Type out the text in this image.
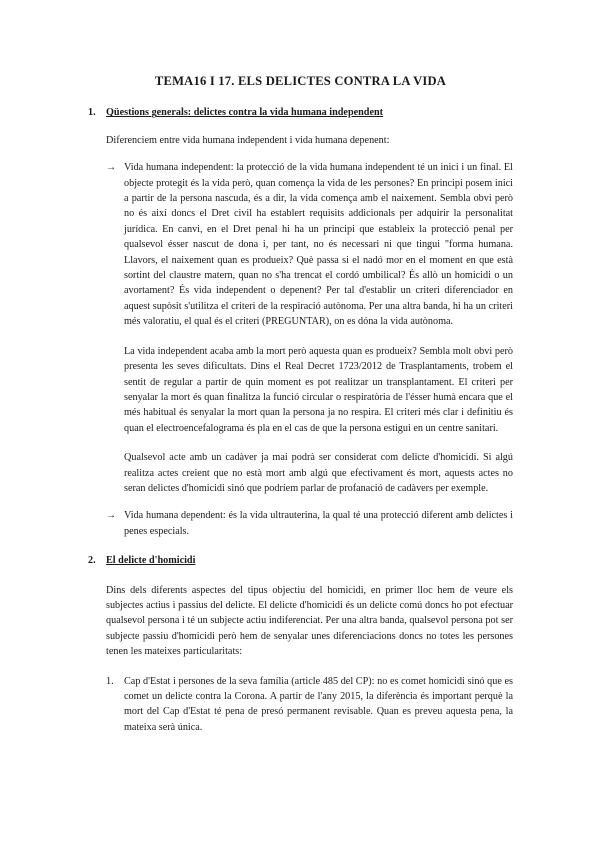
TEMA16 I 17. ELS DELICTES CONTRA LA VIDA
1.	Qüestions generals: delictes contra la vida humana independent

Diferenciem entre vida humana independent i vida humana depenent:

→ Vida humana independent: la protecció de la vida humana independent té un inici i un final. El objecte protegit és la vida però, quan comença la vida de les persones? En principi posem inici a partir de la persona nascuda, és a dir, la vida comença amb el naixement. Sembla obvi però no és així doncs el Dret civil ha establert requisits addicionals per adquirir la personalitat jurídica. En canvi, en el Dret penal hi ha un principi que estableix la protecció penal per qualsevol ésser nascut de dona i, per tant, no és necessari ni que tingui "forma humana. Llavors, el naixement quan es produeix? Què passa si el nadó mor en el moment en que està sortint del claustre matern, quan no s'ha trencat el cordó umbilical? És allò un homicidi o un avortament? És vida independent o depenent? Per tal d'establir un criteri diferenciador en aquest supòsit s'utilitza el criteri de la respiració autònoma. Per una altra banda, hi ha un criteri més valoratiu, el qual és el criteri (PREGUNTAR), on es dóna la vida autònoma.

La vida independent acaba amb la mort però aquesta quan es produeix? Sembla molt obvi però presenta les seves dificultats. Dins el Real Decret 1723/2012 de Trasplantaments, trobem el sentit de regular a partir de quin moment es pot realitzar un transplantament. El criteri per senyalar la mort és quan finalitza la funció circular o respiratòria de l'ésser humà encara que el més habitual és senyalar la mort quan la persona ja no respira. El criteri més clar i definitiu és quan el electroencefalograma és pla en el cas de que la persona estigui en un centre sanitari.

Qualsevol acte amb un cadàver ja mai podrà ser considerat com delicte d'homicidi. Si algú realitza actes creient que no està mort amb algú que efectivament és mort, aquests actes no seran delictes d'homicidi sinó que podríem parlar de profanació de cadàvers per exemple.

→ Vida humana dependent: és la vida ultrauterina, la qual té una protecció diferent amb delictes i penes especials.

2.	El delicte d'homicidi

Dins dels diferents aspectes del tipus objectiu del homicidi, en primer lloc hem de veure els subjectes actius i passius del delicte. El delicte d'homicidi és un delicte comú doncs ho pot efectuar qualsevol persona i té un subjecte actiu indiferenciat. Per una altra banda, qualsevol persona pot ser subjecte passiu d'homicidi però hem de senyalar unes diferenciacions doncs no totes les persones tenen les mateixes particularitats:

1.	Cap d'Estat i persones de la seva família (article 485 del CP): no es comet homicidi sinó que es comet un delicte contra la Corona. A partir de l'any 2015, la diferència és important perquè la mort del Cap d'Estat té pena de presó permanent revisable. Quan es preveu aquesta pena, la mateixa serà única.
